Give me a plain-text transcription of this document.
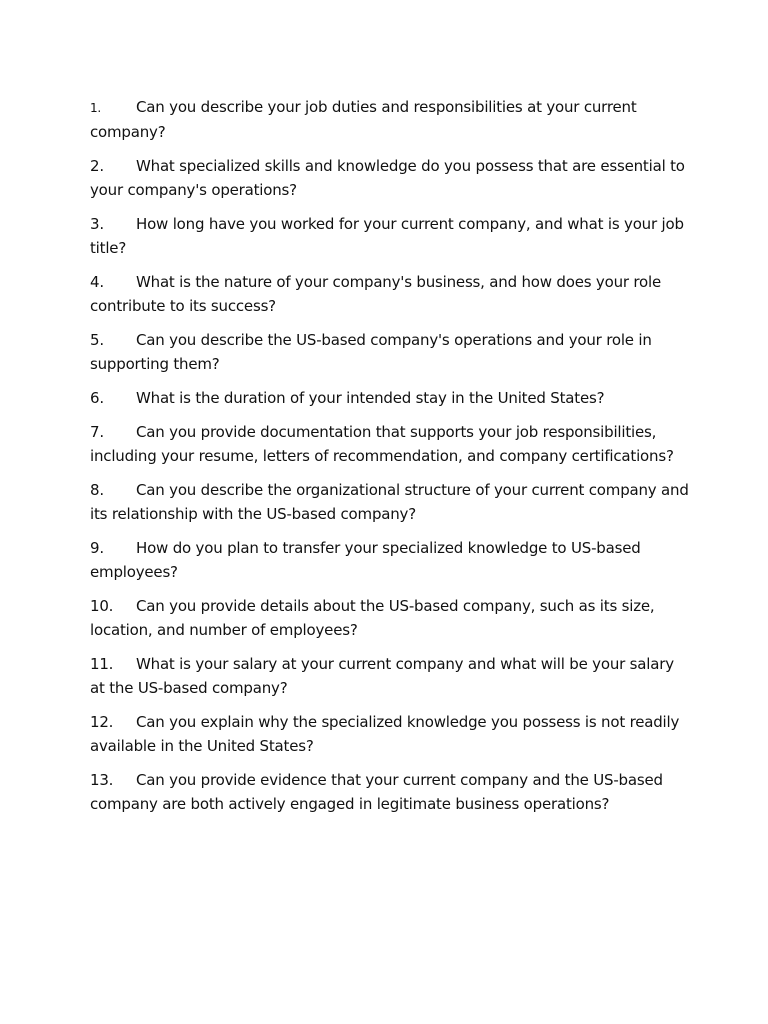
1. Can you describe your job duties and responsibilities at your current company?

2. What specialized skills and knowledge do you possess that are essential to your company's operations?

3. How long have you worked for your current company, and what is your job title?

4. What is the nature of your company's business, and how does your role contribute to its success?

5. Can you describe the US-based company's operations and your role in supporting them?

6. What is the duration of your intended stay in the United States?

7. Can you provide documentation that supports your job responsibilities, including your resume, letters of recommendation, and company certifications?

8. Can you describe the organizational structure of your current company and its relationship with the US-based company?

9. How do you plan to transfer your specialized knowledge to US-based employees?

10. Can you provide details about the US-based company, such as its size, location, and number of employees?

11. What is your salary at your current company and what will be your salary at the US-based company?

12. Can you explain why the specialized knowledge you possess is not readily available in the United States?

13. Can you provide evidence that your current company and the US-based company are both actively engaged in legitimate business operations?
